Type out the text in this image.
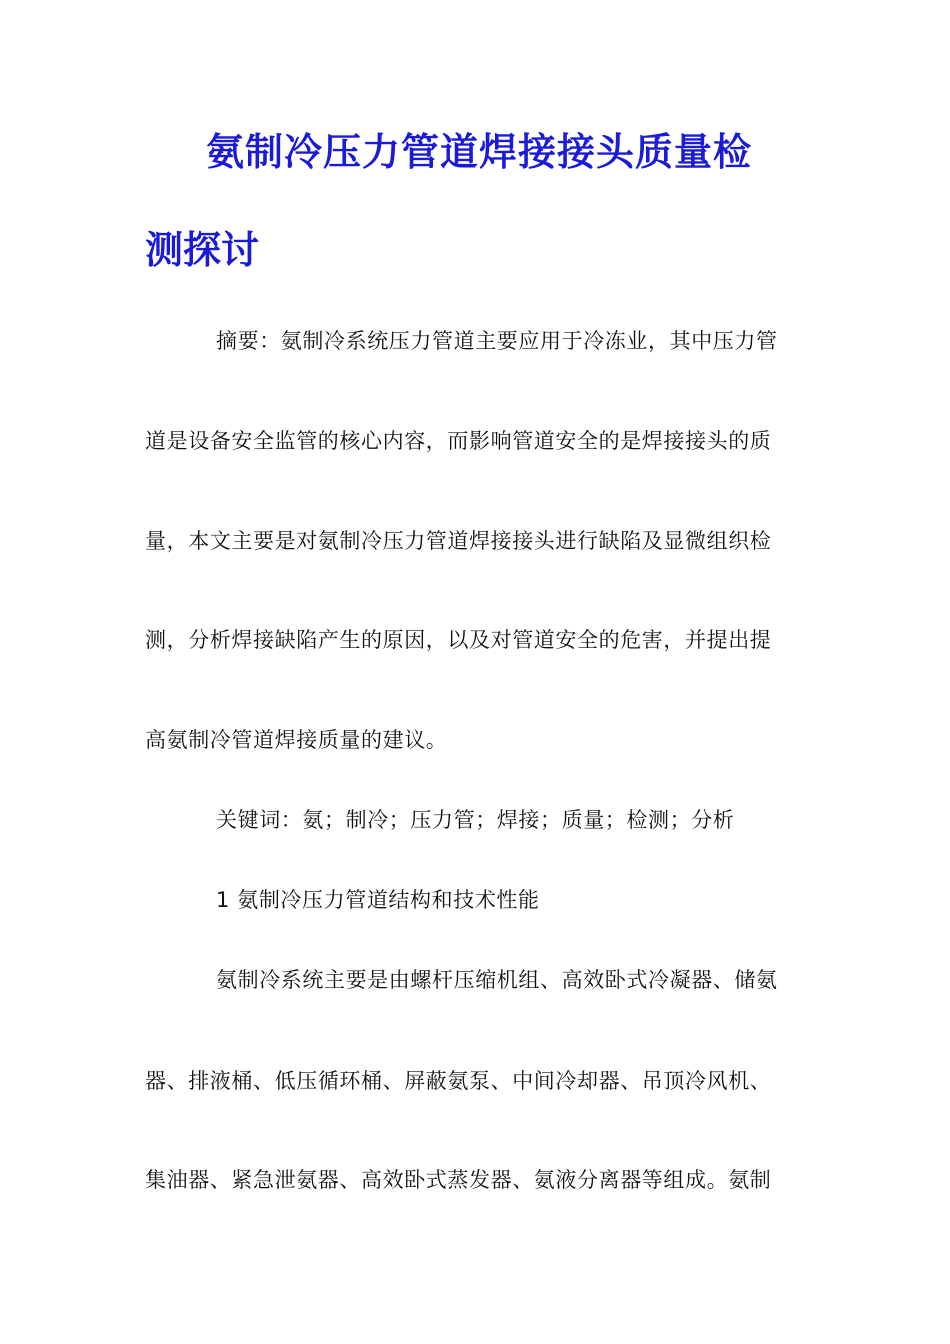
氨制冷压力管道焊接接头质量检
测探讨

摘要：氨制冷系统压力管道主要应用于冷冻业，其中压力管

道是设备安全监管的核心内容，而影响管道安全的是焊接接头的质

量，本文主要是对氨制冷压力管道焊接接头进行缺陷及显微组织检

测，分析焊接缺陷产生的原因，以及对管道安全的危害，并提出提

高氨制冷管道焊接质量的建议。

关键词：氨；制冷；压力管；焊接；质量；检测；分析

1 氨制冷压力管道结构和技术性能

氨制冷系统主要是由螺杆压缩机组、高效卧式冷凝器、储氨

器、排液桶、低压循环桶、屏蔽氨泵、中间冷却器、吊顶冷风机、

集油器、紧急泄氨器、高效卧式蒸发器、氨液分离器等组成。氨制
